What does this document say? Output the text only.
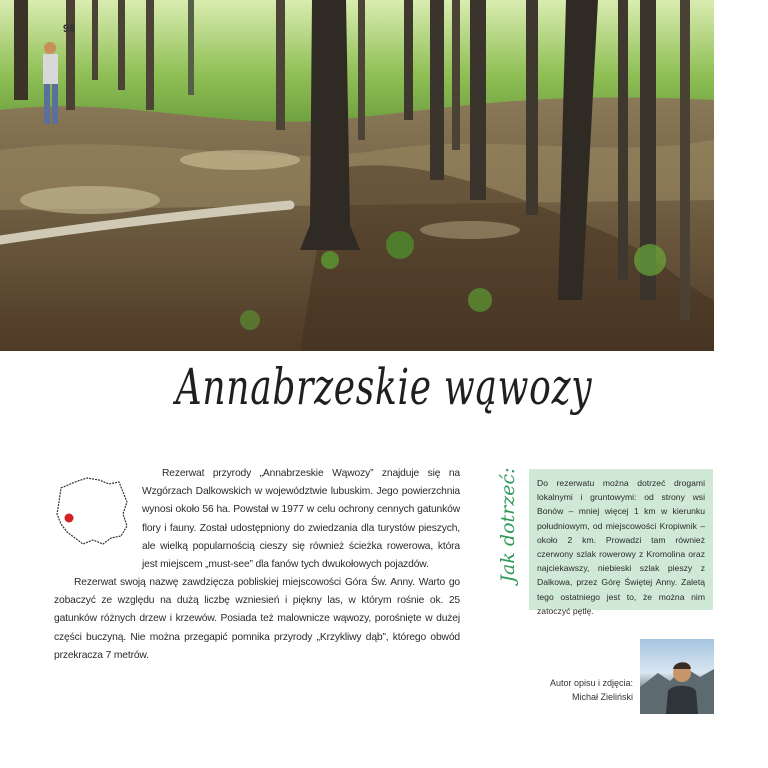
98
Annabrzeskie wąwozy
Rezerwat przyrody „Annabrzeskie Wąwozy” znajduje się na Wzgórzach Dalkowskich w województwie lubuskim. Jego powierzchnia wynosi około 56 ha. Powstał w 1977 w celu ochrony cennych gatunków flory i fauny. Został udostępniony do zwiedzania dla turystów pieszych, ale wielką popularnością cieszy się również ścieżka rowerowa, która jest miejscem „must-see” dla fanów tych dwukołowych pojazdów.
Rezerwat swoją nazwę zawdzięcza pobliskiej miejscowości Góra Św. Anny. Warto go zobaczyć ze względu na dużą liczbę wzniesień i piękny las, w którym rośnie ok. 25 gatunków różnych drzew i krzewów. Posiada też malownicze wąwozy, porośnięte w dużej części buczyną. Nie można przegapić pomnika przyrody „Krzykliwy dąb”, którego obwód przekracza 7 metrów.
Jak dotrzeć:	Do rezerwatu można dotrzeć drogami lokalnymi i gruntowymi: od strony wsi Bonów – mniej więcej 1 km w kierunku południowym, od miejscowości Kropiwnik – około 2 km. Prowadzi tam również czerwony szlak rowerowy z Kromolina oraz najciekawszy, niebieski szlak pieszy z Dalkowa, przez Górę Świętej Anny. Zaletą tego ostatniego jest to, że można nim zatoczyć pętlę.
Autor opisu i zdjęcia:
Michał Zieliński
